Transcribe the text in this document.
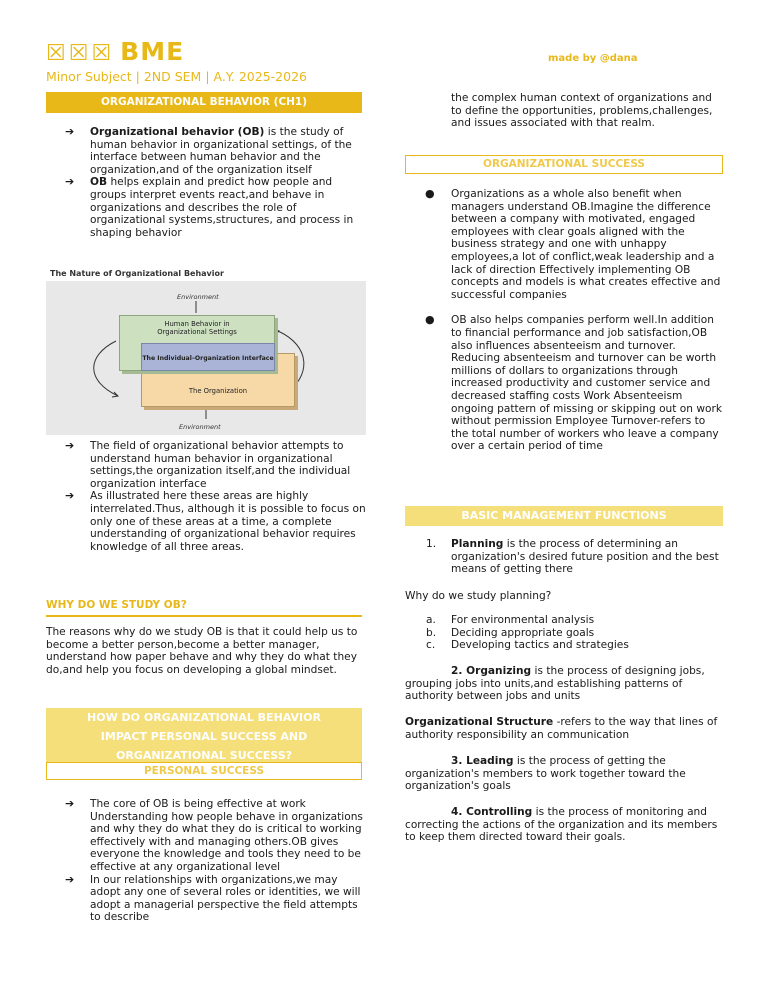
☒☒☒ BME	made by @dana
Minor Subject | 2ND SEM | A.Y. 2025-2026
ORGANIZATIONAL BEHAVIOR (CH1)
➔ Organizational behavior (OB) is the study of human behavior in organizational settings, of the interface between human behavior and the organization,and of the organization itself
➔ OB helps explain and predict how people and groups interpret events react,and behave in organizations and describes the role of organizational systems,structures, and process in shaping behavior
The Nature of Organizational Behavior
Environment
The Organization
Human Behavior in Organizational Settings
The Individual–Organization Interface
Environment
➔ The field of organizational behavior attempts to understand human behavior in organizational settings,the organization itself,and the individual organization interface
➔ As illustrated here these areas are highly interrelated.Thus, although it is possible to focus on only one of these areas at a time, a complete understanding of organizational behavior requires knowledge of all three areas.
WHY DO WE STUDY OB?
The reasons why do we study OB is that it could help us to become a better person,become a better manager, understand how paper behave and why they do what they do,and help you focus on developing a global mindset.
HOW DO ORGANIZATIONAL BEHAVIOR
IMPACT PERSONAL SUCCESS AND
ORGANIZATIONAL SUCCESS?
PERSONAL SUCCESS
➔ The core of OB is being effective at work Understanding how people behave in organizations and why they do what they do is critical to working effectively with and managing others.OB gives everyone the knowledge and tools they need to be effective at any organizational level
➔ In our relationships with organizations,we may adopt any one of several roles or identities, we will adopt a managerial perspective the field attempts to describe
the complex human context of organizations and to define the opportunities, problems,challenges, and issues associated with that realm.
ORGANIZATIONAL SUCCESS
● Organizations as a whole also benefit when managers understand OB.Imagine the difference between a company with motivated, engaged employees with clear goals aligned with the business strategy and one with unhappy employees,a lot of conflict,weak leadership and a lack of direction Effectively implementing OB concepts and models is what creates effective and successful companies
● OB also helps companies perform well.In addition to financial performance and job satisfaction,OB also influences absenteeism and turnover. Reducing absenteeism and turnover can be worth millions of dollars to organizations through increased productivity and customer service and decreased staffing costs Work Absenteeism ongoing pattern of missing or skipping out on work without permission Employee Turnover-refers to the total number of workers who leave a company over a certain period of time
BASIC MANAGEMENT FUNCTIONS
1. Planning is the process of determining an organization's desired future position and the best means of getting there
Why do we study planning?
a. For environmental analysis
b. Deciding appropriate goals
c. Developing tactics and strategies
2. Organizing is the process of designing jobs, grouping jobs into units,and establishing patterns of authority between jobs and units
Organizational Structure -refers to the way that lines of authority responsibility an communication
3. Leading is the process of getting the organization's members to work together toward the organization's goals
4. Controlling is the process of monitoring and correcting the actions of the organization and its members to keep them directed toward their goals.
